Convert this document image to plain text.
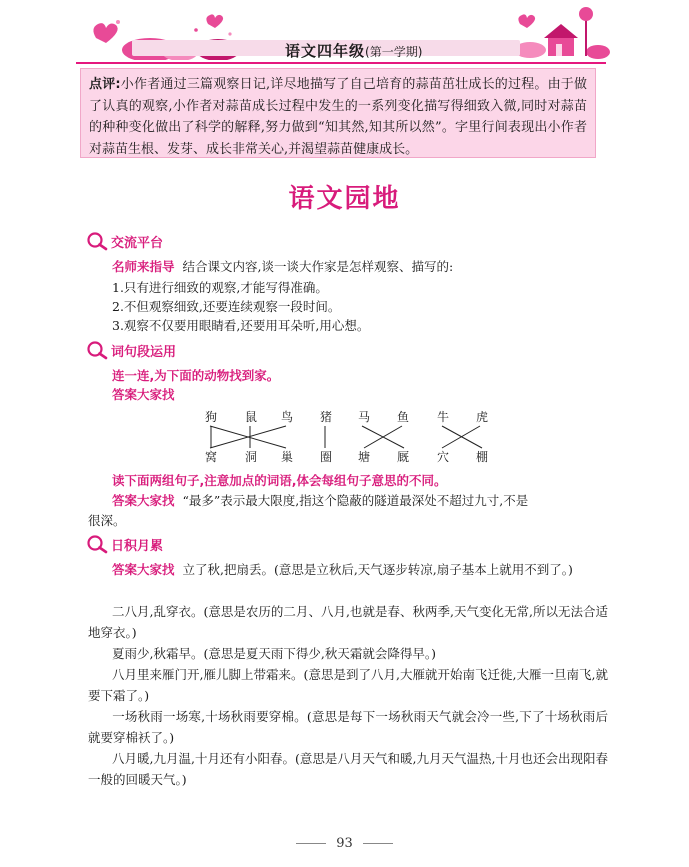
语文四年级(第一学期)
点评:小作者通过三篇观察日记,详尽地描写了自己培育的蒜苗茁壮成长的过程。由于做了认真的观察,小作者对蒜苗成长过程中发生的一系列变化描写得细致入微,同时对蒜苗的种种变化做出了科学的解释,努力做到“知其然,知其所以然”。字里行间表现出小作者对蒜苗生根、发芽、成长非常关心,并渴望蒜苗健康成长。
语文园地
交流平台
名师来指导 结合课文内容,谈一谈大作家是怎样观察、描写的:
1.只有进行细致的观察,才能写得准确。
2.不但观察细致,还要连续观察一段时间。
3.观察不仅要用眼睛看,还要用耳朵听,用心想。
词句段运用
连一连,为下面的动物找到家。
答案大家找
狗 鼠 鸟 猪 马 鱼 牛 虎
窝 洞 巢 圈 塘 厩 穴 棚
读下面两组句子,注意加点的词语,体会每组句子意思的不同。
答案大家找 “最多”表示最大限度,指这个隐蔽的隧道最深处不超过九寸,不是
很深。
日积月累
答案大家找 立了秋,把扇丢。(意思是立秋后,天气逐步转凉,扇子基本上就用不到了。)
二八月,乱穿衣。(意思是农历的二月、八月,也就是春、秋两季,天气变化无常,所以无法合适地穿衣。)
夏雨少,秋霜早。(意思是夏天雨下得少,秋天霜就会降得早。)
八月里来雁门开,雁儿脚上带霜来。(意思是到了八月,大雁就开始南飞迁徙,大雁一旦南飞,就要下霜了。)
一场秋雨一场寒,十场秋雨要穿棉。(意思是每下一场秋雨天气就会冷一些,下了十场秋雨后就要穿棉袄了。)
八月暖,九月温,十月还有小阳春。(意思是八月天气和暖,九月天气温热,十月也还会出现阳春一般的回暖天气。)
93
